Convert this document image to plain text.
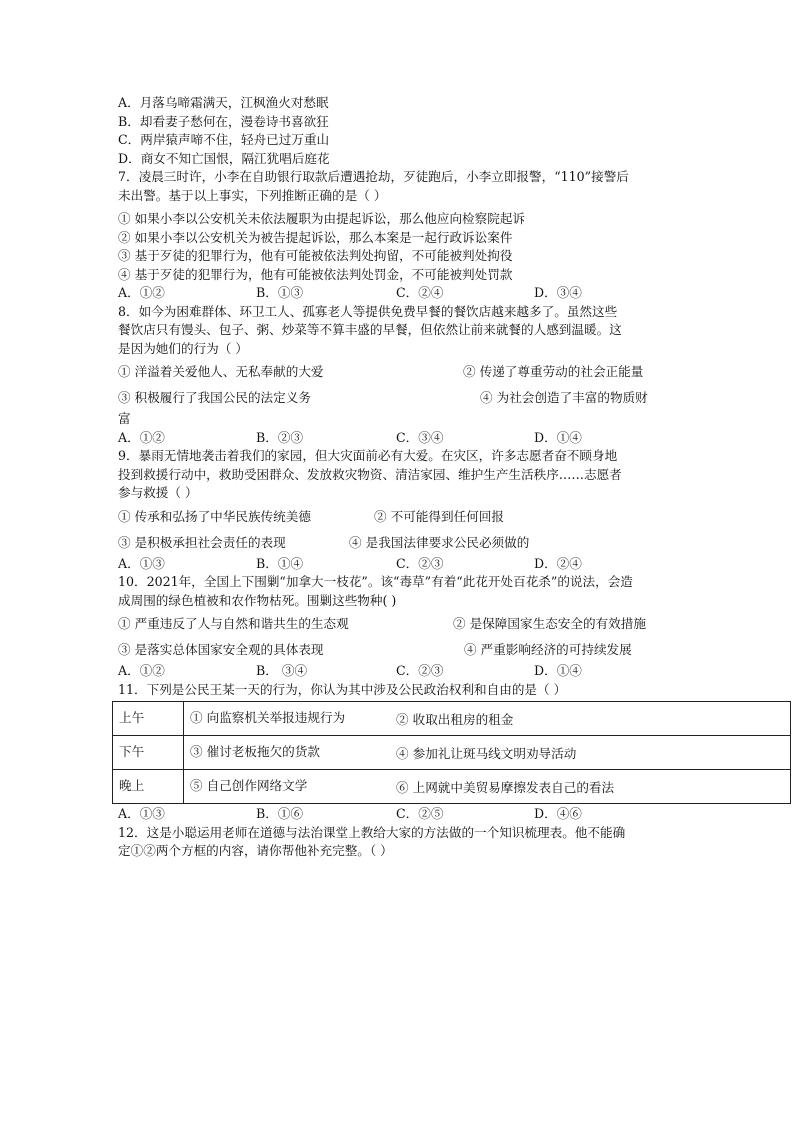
A．月落乌啼霜满天，江枫渔火对愁眠
B．却看妻子愁何在，漫卷诗书喜欲狂
C．两岸猿声啼不住，轻舟已过万重山
D．商女不知亡国恨，隔江犹唱后庭花
7．凌晨三时许，小李在自助银行取款后遭遇抢劫，歹徒跑后，小李立即报警，“110”接警后
未出警。基于以上事实，下列推断正确的是（ ）
① 如果小李以公安机关未依法履职为由提起诉讼，那么他应向检察院起诉
② 如果小李以公安机关为被告提起诉讼，那么本案是一起行政诉讼案件
③ 基于歹徒的犯罪行为，他有可能被依法判处拘留，不可能被判处拘役
④ 基于歹徒的犯罪行为，他有可能被依法判处罚金，不可能被判处罚款
A．①②	B．①③	C．②④	D．③④
8．如今为困难群体、环卫工人、孤寡老人等提供免费早餐的餐饮店越来越多了。虽然这些
餐饮店只有馒头、包子、粥、炒菜等不算丰盛的早餐，但依然让前来就餐的人感到温暖。这
是因为她们的行为（ ）
① 洋溢着关爱他人、无私奉献的大爱	② 传递了尊重劳动的社会正能量
③ 积极履行了我国公民的法定义务	④ 为社会创造了丰富的物质财
富
A．①②	B．②③	C．③④	D．①④
9．暴雨无情地袭击着我们的家园，但大灾面前必有大爱。在灾区，许多志愿者奋不顾身地
投到救援行动中，救助受困群众、发放救灾物资、清洁家园、维护生产生活秩序……志愿者
参与救援（ ）
① 传承和弘扬了中华民族传统美德	② 不可能得到任何回报
③ 是积极承担社会责任的表现	④ 是我国法律要求公民必须做的
A．①③	B．①④	C．②③	D．②④
10．2021年，全国上下围剿“加拿大一枝花”。该“毒草”有着“此花开处百花杀”的说法，会造
成周围的绿色植被和农作物枯死。围剿这些物种( )
① 严重违反了人与自然和谐共生的生态观	② 是保障国家生态安全的有效措施
③ 是落实总体国家安全观的具体表现	④ 严重影响经济的可持续发展
A．①②	B． ③④	C．②③	D．①④
11．下列是公民王某一天的行为，你认为其中涉及公民政治权利和自由的是（ ）
上午	① 向监察机关举报违规行为 ② 收取出租房的租金

下午	③ 催讨老板拖欠的货款 ④ 参加礼让斑马线文明劝导活动

晚上	⑤ 自己创作网络文学 ⑥ 上网就中美贸易摩擦发表自己的看法
A．①③	B．①⑥	C．②⑤	D．④⑥
12．这是小聪运用老师在道德与法治课堂上教给大家的方法做的一个知识梳理表。他不能确
定①②两个方框的内容，请你帮他补充完整。（ ）
